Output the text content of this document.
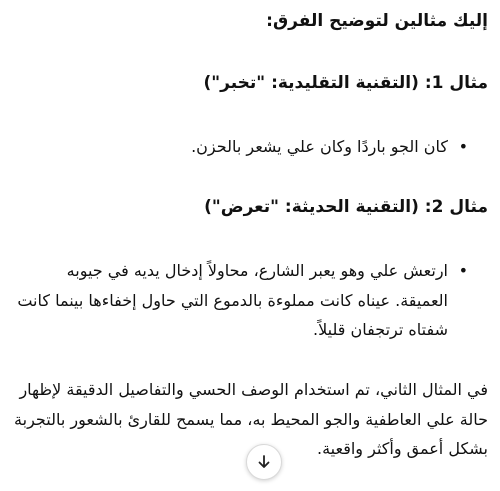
إليك مثالين لتوضيح الفرق:

مثال 1: (التقنية التقليدية: "تخبر")
•
كان الجو باردًا وكان علي يشعر بالحزن.
مثال 2: (التقنية الحديثة: "تعرض")
•
ارتعش علي وهو يعبر الشارع، محاولاً إدخال يديه في جيوبه العميقة. عيناه كانت مملوءة بالدموع التي حاول إخفاءها بينما كانت شفتاه ترتجفان قليلاً.

في المثال الثاني، تم استخدام الوصف الحسي والتفاصيل الدقيقة لإظهار حالة علي العاطفية والجو المحيط به، مما يسمح للقارئ بالشعور بالتجربة بشكل أعمق وأكثر واقعية.
